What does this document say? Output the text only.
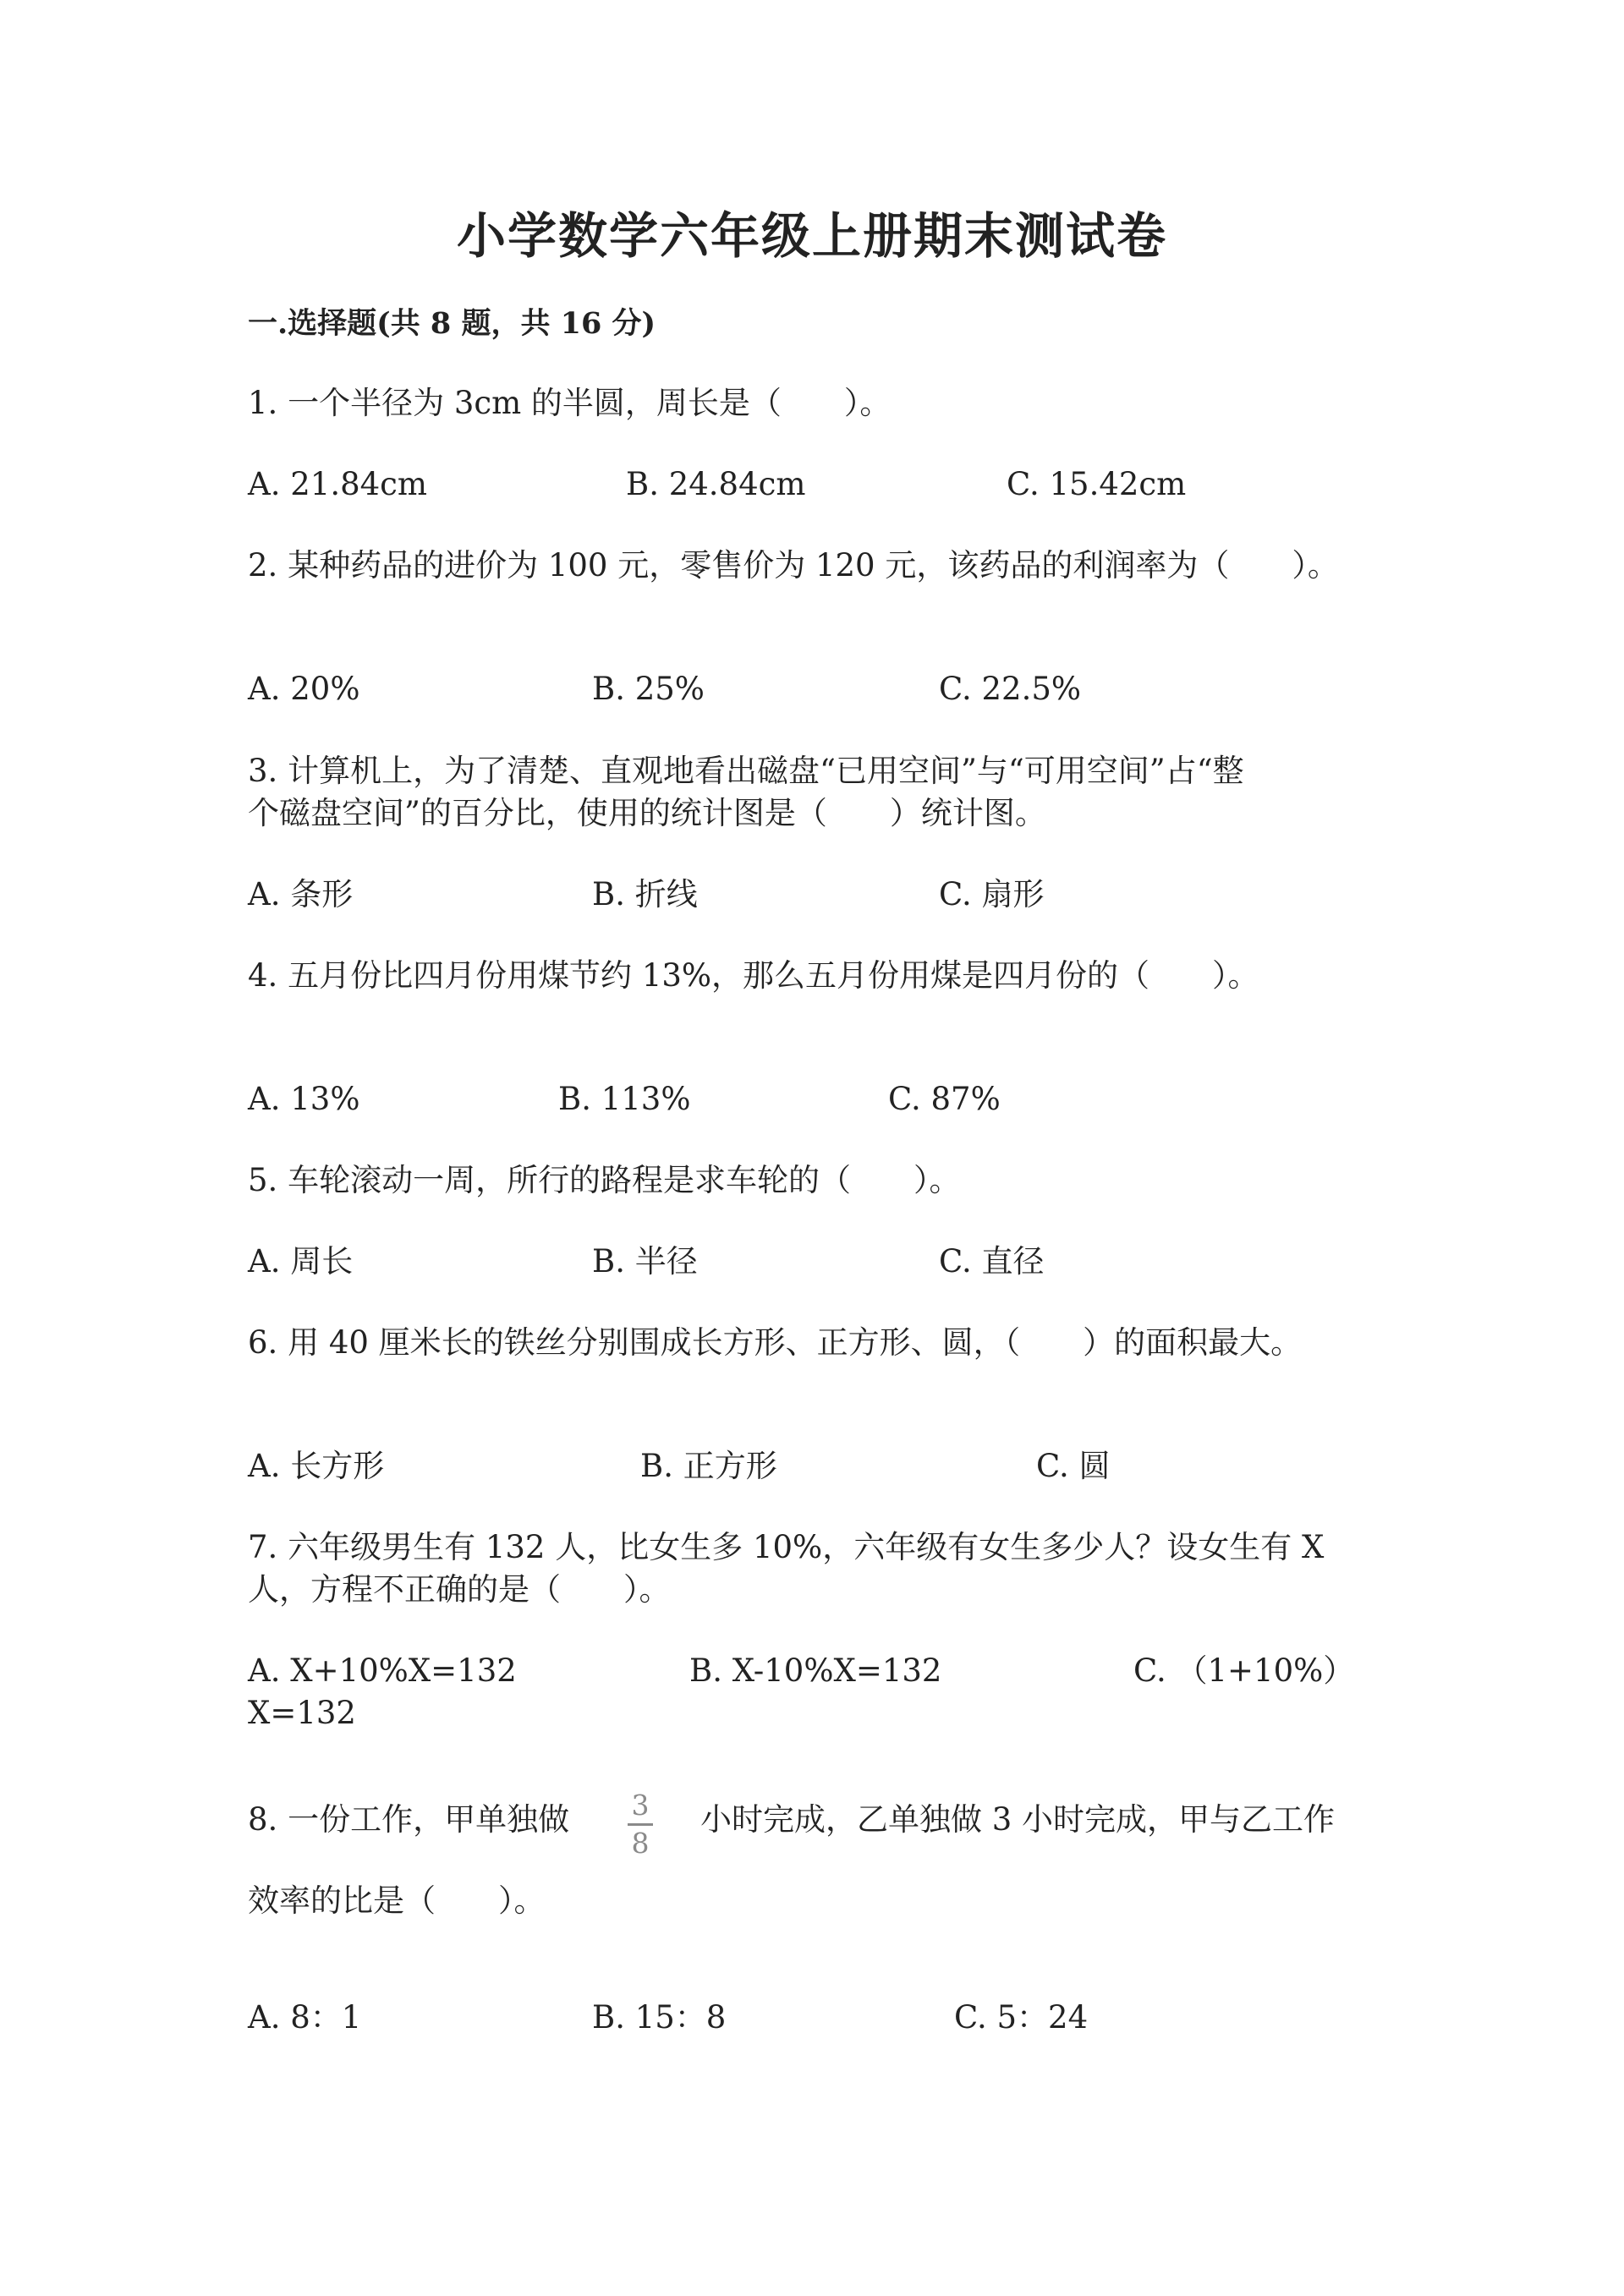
小学数学六年级上册期末测试卷
一.选择题(共 8 题，共 16 分)
1. 一个半径为 3cm 的半圆，周长是（　　）。
A. 21.84cm	B. 24.84cm	C. 15.42cm
2. 某种药品的进价为 100 元，零售价为 120 元，该药品的利润率为（　　）。
A. 20%	B. 25%	C. 22.5%
3. 计算机上，为了清楚、直观地看出磁盘“已用空间”与“可用空间”占“整
个磁盘空间”的百分比，使用的统计图是（　　）统计图。
A. 条形	B. 折线	C. 扇形
4. 五月份比四月份用煤节约 13%，那么五月份用煤是四月份的（　　）。
A. 13%	B. 113%	C. 87%
5. 车轮滚动一周，所行的路程是求车轮的（　　）。
A. 周长	B. 半径	C. 直径
6. 用 40 厘米长的铁丝分别围成长方形、正方形、圆，（　　）的面积最大。
A. 长方形	B. 正方形	C. 圆
7. 六年级男生有 132 人，比女生多 10%，六年级有女生多少人？设女生有 X
人，方程不正确的是（　　）。
A. X+10%X=132	B. X-10%X=132	C. （1+10%）
X=132
8. 一份工作，甲单独做 3
8
小时完成，乙单独做 3 小时完成，甲与乙工作
效率的比是（　　）。
A. 8：1	B. 15：8	C. 5：24
